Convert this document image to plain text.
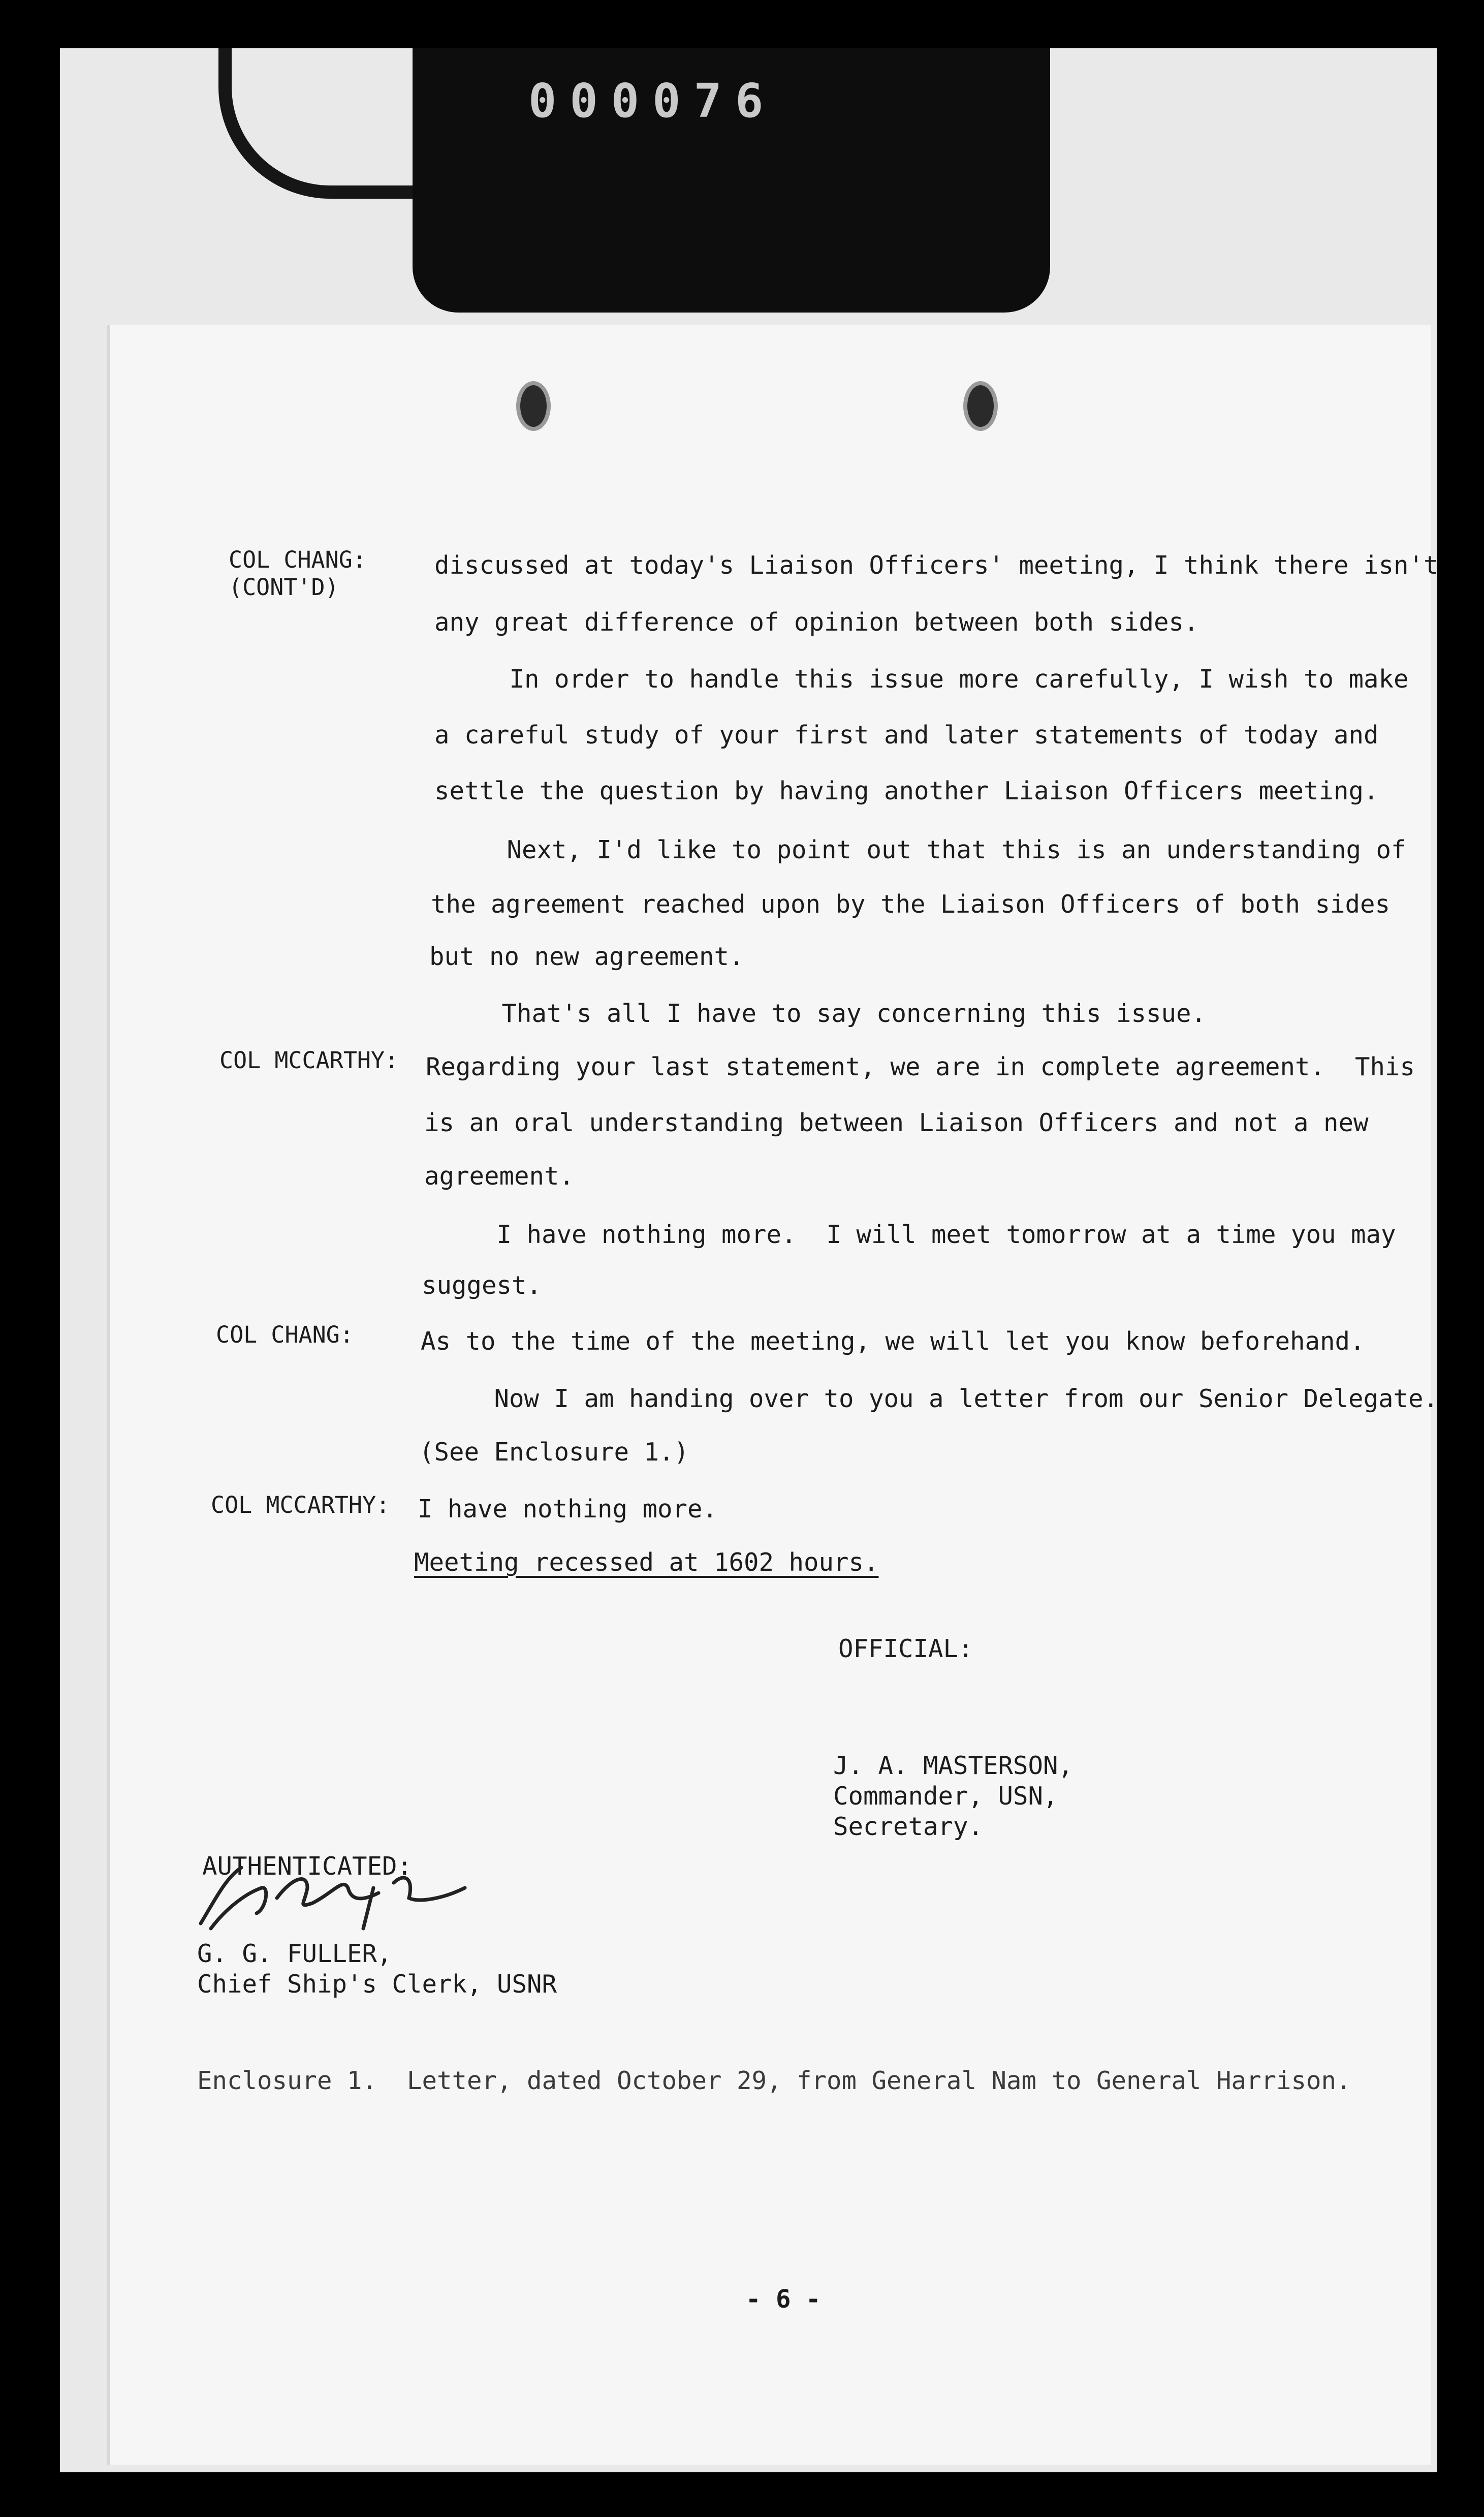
000076
COL CHANG:
(CONT'D)
COL MCCARTHY:
COL CHANG:
COL MCCARTHY:
discussed at today's Liaison Officers' meeting, I think there isn't
any great difference of opinion between both sides.
In order to handle this issue more carefully, I wish to make
a careful study of your first and later statements of today and
settle the question by having another Liaison Officers meeting.
Next, I'd like to point out that this is an understanding of
the agreement reached upon by the Liaison Officers of both sides
but no new agreement.
That's all I have to say concerning this issue.
Regarding your last statement, we are in complete agreement.  This
is an oral understanding between Liaison Officers and not a new
agreement.
I have nothing more.  I will meet tomorrow at a time you may
suggest.
As to the time of the meeting, we will let you know beforehand.
Now I am handing over to you a letter from our Senior Delegate.
(See Enclosure 1.)
I have nothing more.
Meeting recessed at 1602 hours.
OFFICIAL:
J. A. MASTERSON,
Commander, USN,
Secretary.
AUTHENTICATED:
G. G. FULLER,
Chief Ship's Clerk, USNR
Enclosure 1.  Letter, dated October 29, from General Nam to General Harrison.
- 6 -
